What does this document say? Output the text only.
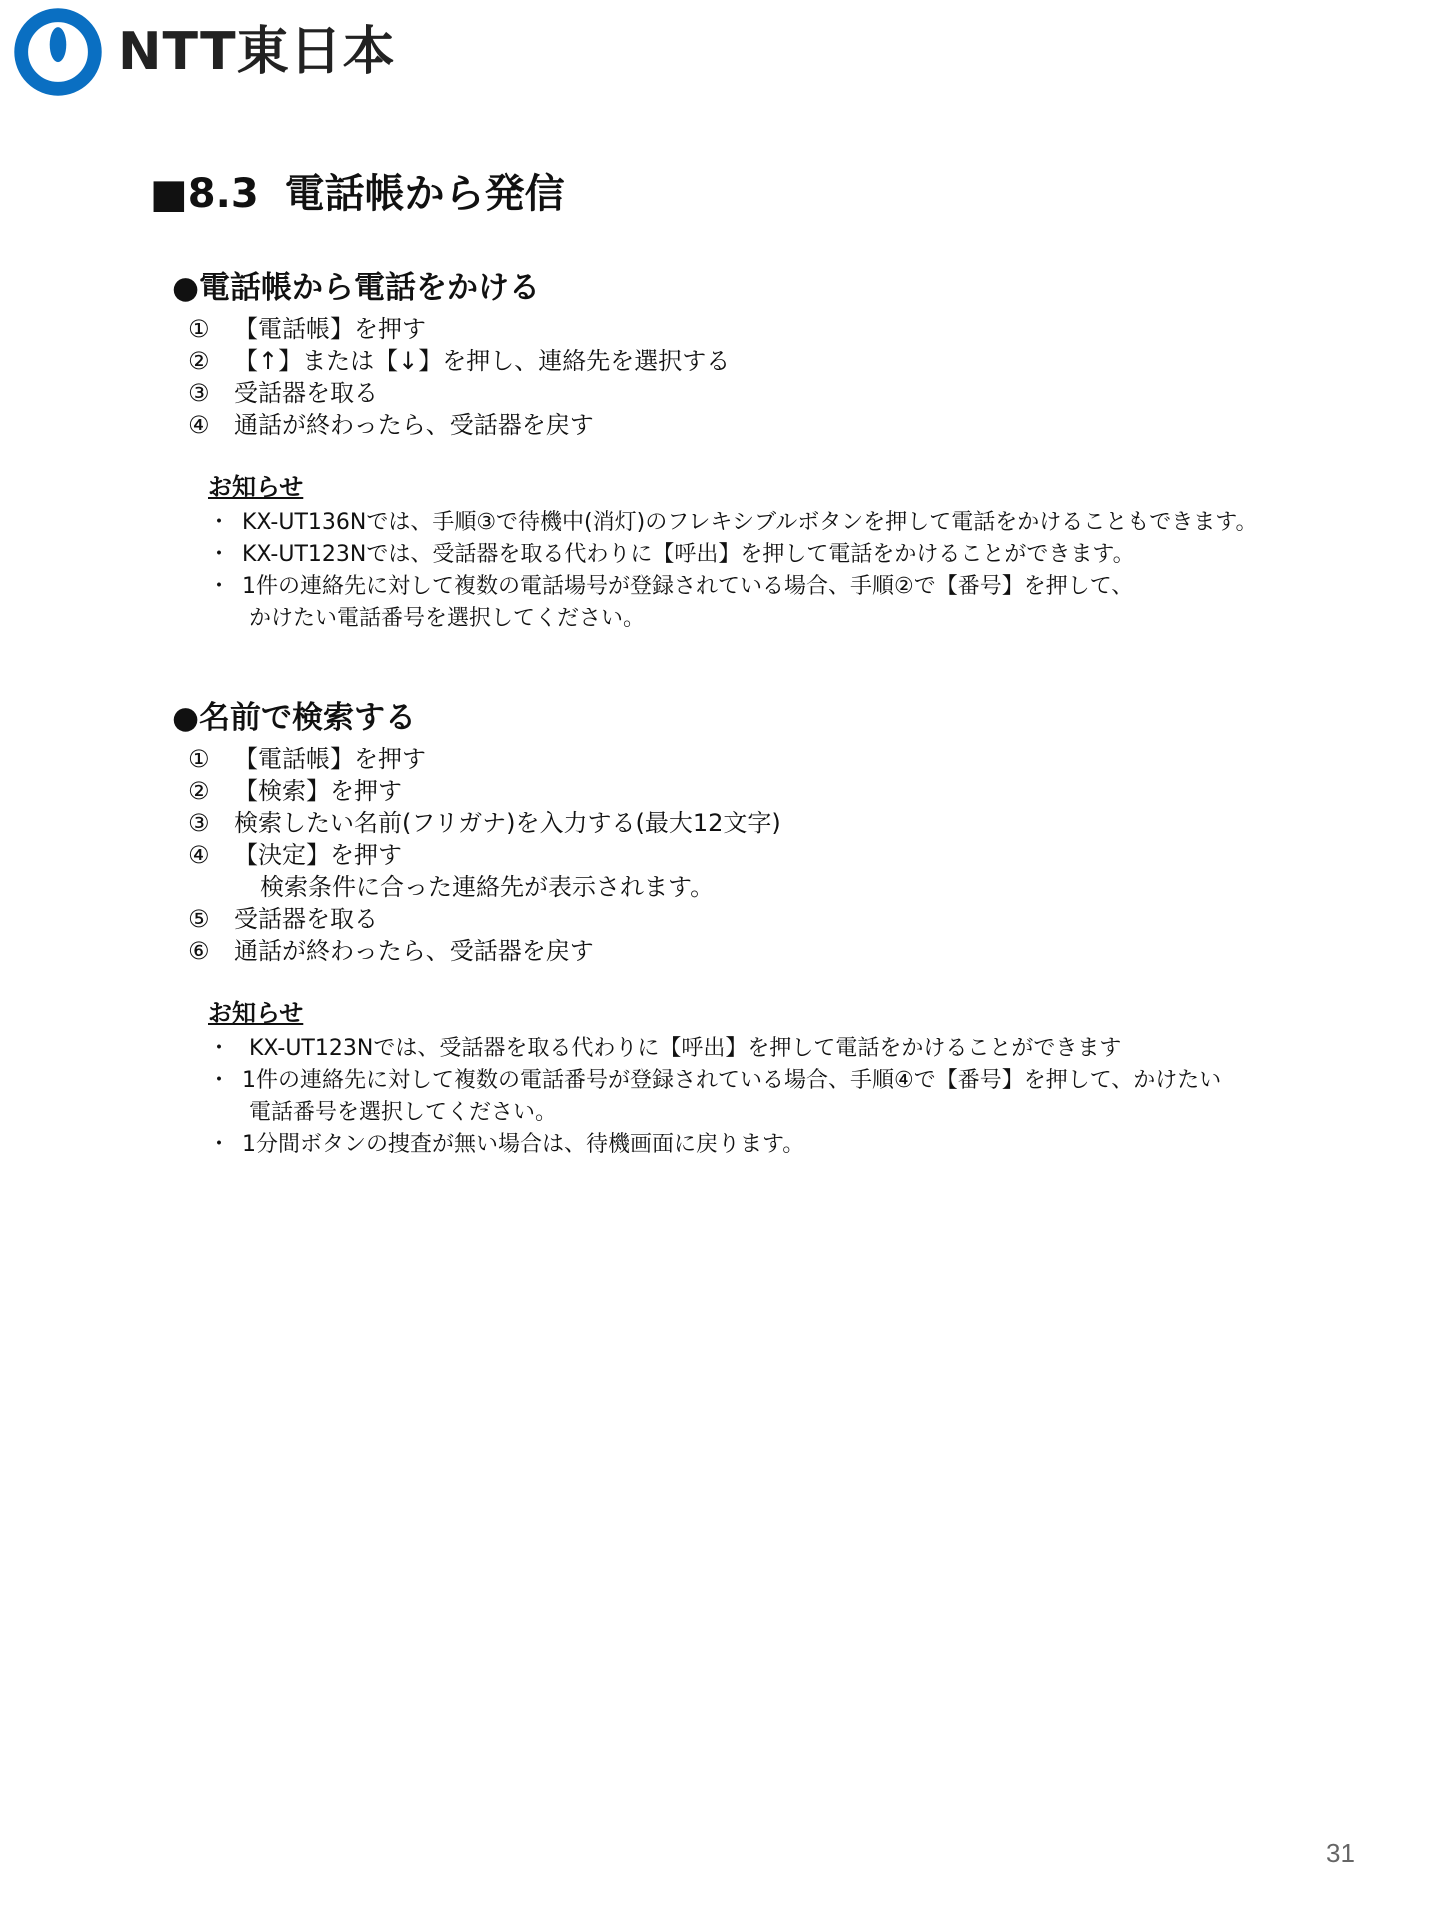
NTT東日本
■8.3 電話帳から発信
●電話帳から電話をかける
① 【電話帳】を押す
② 【↑】または【↓】を押し、連絡先を選択する
③ 受話器を取る
④ 通話が終わったら、受話器を戻す
お知らせ
・ KX-UT136Nでは、手順③で待機中(消灯)のフレキシブルボタンを押して電話をかけることもできます。
・ KX-UT123Nでは、受話器を取る代わりに【呼出】を押して電話をかけることができます。
・ 1件の連絡先に対して複数の電話場号が登録されている場合、手順②で【番号】を押して、
かけたい電話番号を選択してください。
●名前で検索する
① 【電話帳】を押す
② 【検索】を押す
③ 検索したい名前(フリガナ)を入力する(最大12文字)
④ 【決定】を押す
検索条件に合った連絡先が表示されます。
⑤ 受話器を取る
⑥ 通話が終わったら、受話器を戻す
お知らせ
・ KX-UT123Nでは、受話器を取る代わりに【呼出】を押して電話をかけることができます
・ 1件の連絡先に対して複数の電話番号が登録されている場合、手順④で【番号】を押して、かけたい
電話番号を選択してください。
・ 1分間ボタンの捜査が無い場合は、待機画面に戻ります。
31
